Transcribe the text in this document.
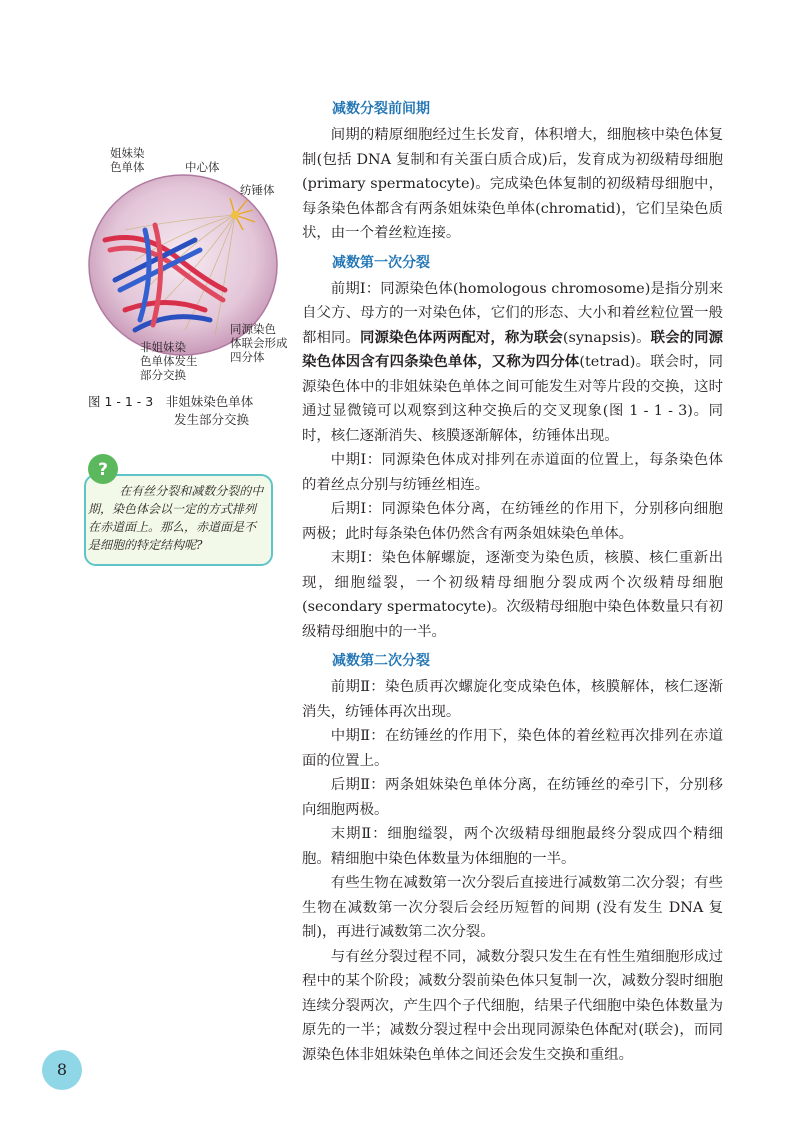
姐妹染
色单体	中心体
纺锤体
同源染色
体联会形成
四分体
非姐妹染
色单体发生
部分交换
图 1 - 1 - 3　非姐妹染色单体
发生部分交换
?
在有丝分裂和减数分裂的中期，染色体会以一定的方式排列在赤道面上。那么，赤道面是不是细胞的特定结构呢?
减数分裂前间期

间期的精原细胞经过生长发育，体积增大，细胞核中染色体复制(包括 DNA 复制和有关蛋白质合成)后，发育成为初级精母细胞(primary spermatocyte)。完成染色体复制的初级精母细胞中，每条染色体都含有两条姐妹染色单体(chromatid)，它们呈染色质状，由一个着丝粒连接。

减数第一次分裂

前期Ⅰ：同源染色体(homologous chromosome)是指分别来自父方、母方的一对染色体，它们的形态、大小和着丝粒位置一般都相同。同源染色体两两配对，称为联会(synapsis)。联会的同源染色体因含有四条染色单体，又称为四分体(tetrad)。联会时，同源染色体中的非姐妹染色单体之间可能发生对等片段的交换，这时通过显微镜可以观察到这种交换后的交叉现象(图 1 - 1 - 3)。同时，核仁逐渐消失、核膜逐渐解体，纺锤体出现。

中期Ⅰ：同源染色体成对排列在赤道面的位置上，每条染色体的着丝点分别与纺锤丝相连。

后期Ⅰ：同源染色体分离，在纺锤丝的作用下，分别移向细胞两极；此时每条染色体仍然含有两条姐妹染色单体。

末期Ⅰ：染色体解螺旋，逐渐变为染色质，核膜、核仁重新出现，细胞缢裂，一个初级精母细胞分裂成两个次级精母细胞(secondary spermatocyte)。次级精母细胞中染色体数量只有初级精母细胞中的一半。

减数第二次分裂

前期Ⅱ：染色质再次螺旋化变成染色体，核膜解体，核仁逐渐消失，纺锤体再次出现。

中期Ⅱ：在纺锤丝的作用下，染色体的着丝粒再次排列在赤道面的位置上。

后期Ⅱ：两条姐妹染色单体分离，在纺锤丝的牵引下，分别移向细胞两极。

末期Ⅱ：细胞缢裂，两个次级精母细胞最终分裂成四个精细胞。精细胞中染色体数量为体细胞的一半。

有些生物在减数第一次分裂后直接进行减数第二次分裂；有些生物在减数第一次分裂后会经历短暂的间期 (没有发生 DNA 复制)，再进行减数第二次分裂。

与有丝分裂过程不同，减数分裂只发生在有性生殖细胞形成过程中的某个阶段；减数分裂前染色体只复制一次，减数分裂时细胞连续分裂两次，产生四个子代细胞，结果子代细胞中染色体数量为原先的一半；减数分裂过程中会出现同源染色体配对(联会)，而同源染色体非姐妹染色单体之间还会发生交换和重组。

8
